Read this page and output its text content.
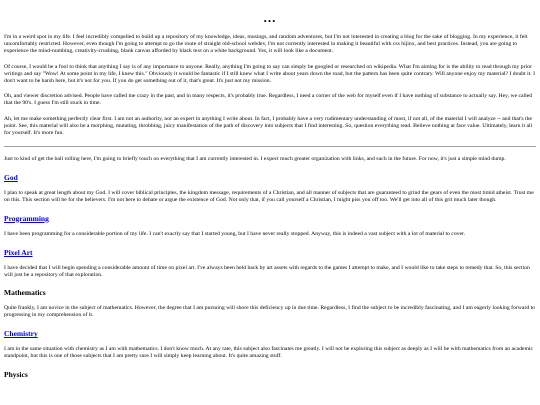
...

I'm in a weird spot in my life. I feel incredibly compelled to build up a repository of my knowledge, ideas, musings, and random adventures, but I'm not interested in creating a blog for the sake of blogging. In my experience, it felt uncomfortably restricted. However, even though I'm going to attempt to go the route of straight old-school webdev, I'm not currently interested in making it beautiful with css hijinx, and best practices. Instead, you are going to experience the mind-numbing, creativity-crushing, blank canvas afforded by black text on a white background. Yes, it will look like a document.

Of course, I would be a fool to think that anything I say is of any importance to anyone. Really, anything I'm going to say can simply be googled or researched on wikipedia. What I'm aiming for is the ability to read through my prior writings and say "Wow! At some point in my life, I knew this." Obviously it would be fantastic if I still knew what I write about years down the road, but the pattern has been quite contrary. Will anyone enjoy my material? I doubt it. I don't want to be harsh here, but it's not for you. If you do get something out of it, that's great. It's just not my mission.

Oh, and viewer discretion advised. People have called me crazy in the past, and in many respects, it's probably true. Regardless, I need a corner of the web for myself even if I have nothing of substance to actually say. Hey, we called that the 90's. I guess I'm still stuck in time.

Ah, let me make something perfectly clear first. I am not an authority, nor an expert in anything I write about. In fact, I probably have a very rudimentary understanding of most, if not all, of the material I will analyze -- and that's the point. See, this material will also be a morphing, mutating, throbbing, juicy manifestation of the path of discovery into subjects that I find interesting. So, question everything read. Believe nothing at face value. Ultimately, learn it all for yourself. It's more fun.

Just to kind of get the ball rolling here, I'm going to briefly touch on everything that I am currently interested in. I expect much greater organization with links, and such in the future. For now, it's just a simple mind dump.

God

I plan to speak at great length about my God. I will cover biblical principles, the kingdom message, requirements of a Christian, and all manner of subjects that are guaranteed to grind the gears of even the most timid atheist. Trust me on this. This section will be for the believers. I'm not here to debate or argue the existence of God. Not only that, if you call yourself a Christian, I might piss you off too. We'll get into all of this grit much later though.

Programming

I have been programming for a considerable portion of my life. I can't exactly say that I started young, but I have never really stopped. Anyway, this is indeed a vast subject with a lot of material to cover.

Pixel Art

I have decided that I will begin spending a considerable amount of time on pixel art. I've always been held back by art assets with regards to the games I attempt to make, and I would like to take steps to remedy that. So, this section will just be a repository of that exploration.

Mathematics

Quite frankly, I am novice in the subject of mathematics. However, the degree that I am pursuing will shore this deficiency up in due time. Regardless, I find the subject to be incredibly fascinating, and I am eagerly looking forward to progressing in my comprehension of it.

Chemistry

I am in the same situation with chemistry as I am with mathematics. I don't know much. At any rate, this subject also fascinates me greatly. I will not be exploring this subject as deeply as I will be with mathematics from an academic standpoint, but this is one of those subjects that I am pretty sure I will simply keep learning about. It's quite amazing stuff.

Physics
